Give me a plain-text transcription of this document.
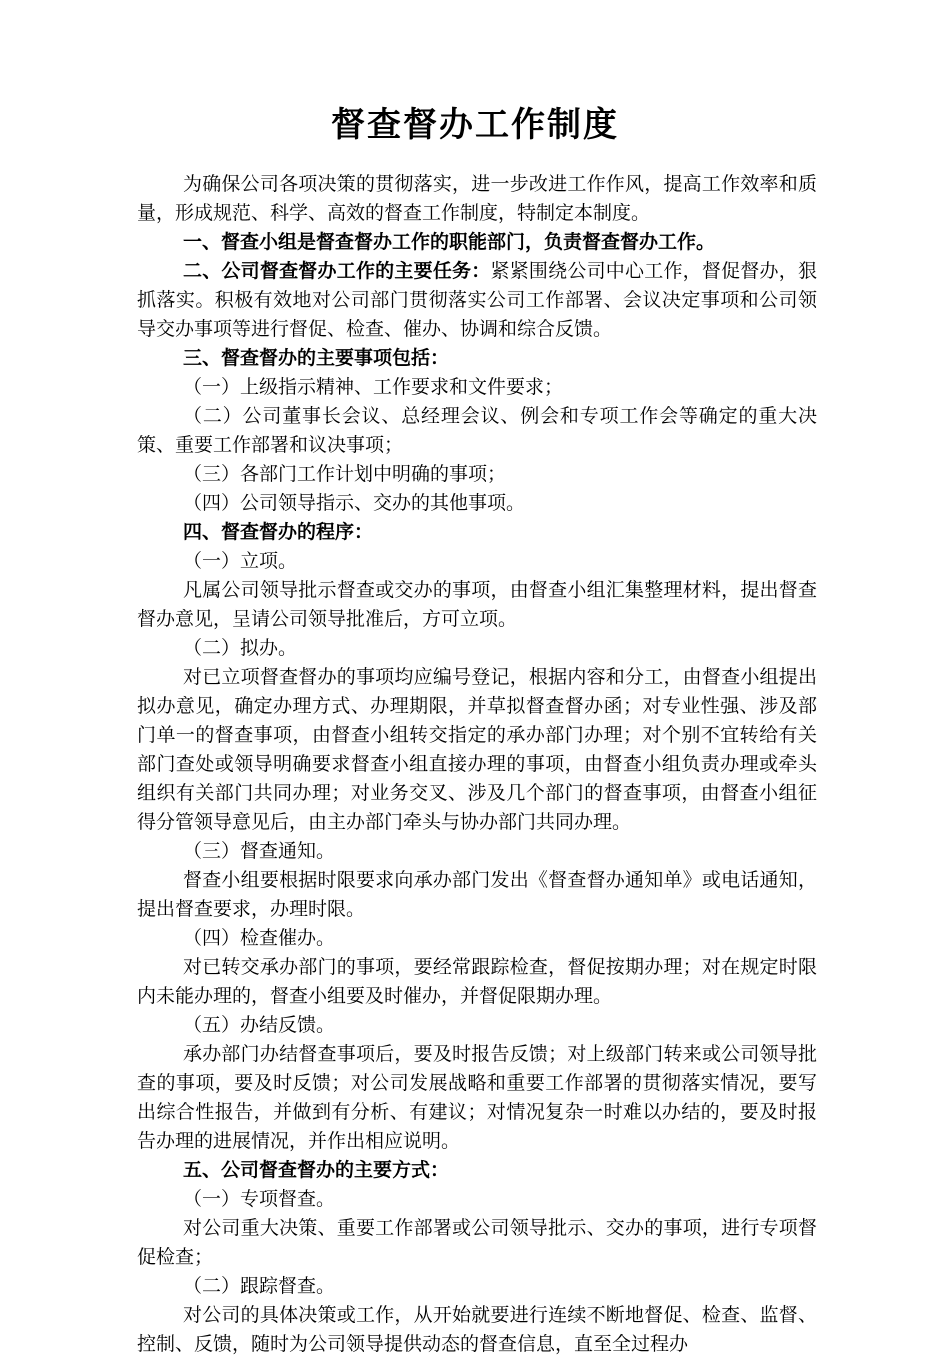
督查督办工作制度

为确保公司各项决策的贯彻落实，进一步改进工作作风，提高工作效率和质量，形成规范、科学、高效的督查工作制度，特制定本制度。

一、督查小组是督查督办工作的职能部门，负责督查督办工作。

二、公司督查督办工作的主要任务：紧紧围绕公司中心工作，督促督办，狠抓落实。积极有效地对公司部门贯彻落实公司工作部署、会议决定事项和公司领导交办事项等进行督促、检查、催办、协调和综合反馈。

三、督查督办的主要事项包括：

（一）上级指示精神、工作要求和文件要求；

（二）公司董事长会议、总经理会议、例会和专项工作会等确定的重大决策、重要工作部署和议决事项；

（三）各部门工作计划中明确的事项；

（四）公司领导指示、交办的其他事项。

四、督查督办的程序：

（一）立项。

凡属公司领导批示督查或交办的事项，由督查小组汇集整理材料，提出督查督办意见，呈请公司领导批准后，方可立项。

（二）拟办。

对已立项督查督办的事项均应编号登记，根据内容和分工，由督查小组提出拟办意见，确定办理方式、办理期限，并草拟督查督办函；对专业性强、涉及部门单一的督查事项，由督查小组转交指定的承办部门办理；对个别不宜转给有关部门查处或领导明确要求督查小组直接办理的事项，由督查小组负责办理或牵头组织有关部门共同办理；对业务交叉、涉及几个部门的督查事项，由督查小组征得分管领导意见后，由主办部门牵头与协办部门共同办理。

（三）督查通知。

督查小组要根据时限要求向承办部门发出《督查督办通知单》或电话通知，提出督查要求，办理时限。

（四）检查催办。

对已转交承办部门的事项，要经常跟踪检查，督促按期办理；对在规定时限内未能办理的，督查小组要及时催办，并督促限期办理。

（五）办结反馈。

承办部门办结督查事项后，要及时报告反馈；对上级部门转来或公司领导批查的事项，要及时反馈；对公司发展战略和重要工作部署的贯彻落实情况，要写出综合性报告，并做到有分析、有建议；对情况复杂一时难以办结的，要及时报告办理的进展情况，并作出相应说明。

五、公司督查督办的主要方式：

（一）专项督查。

对公司重大决策、重要工作部署或公司领导批示、交办的事项，进行专项督促检查；

（二）跟踪督查。

对公司的具体决策或工作，从开始就要进行连续不断地督促、检查、监督、控制、反馈，随时为公司领导提供动态的督查信息，直至全过程办
